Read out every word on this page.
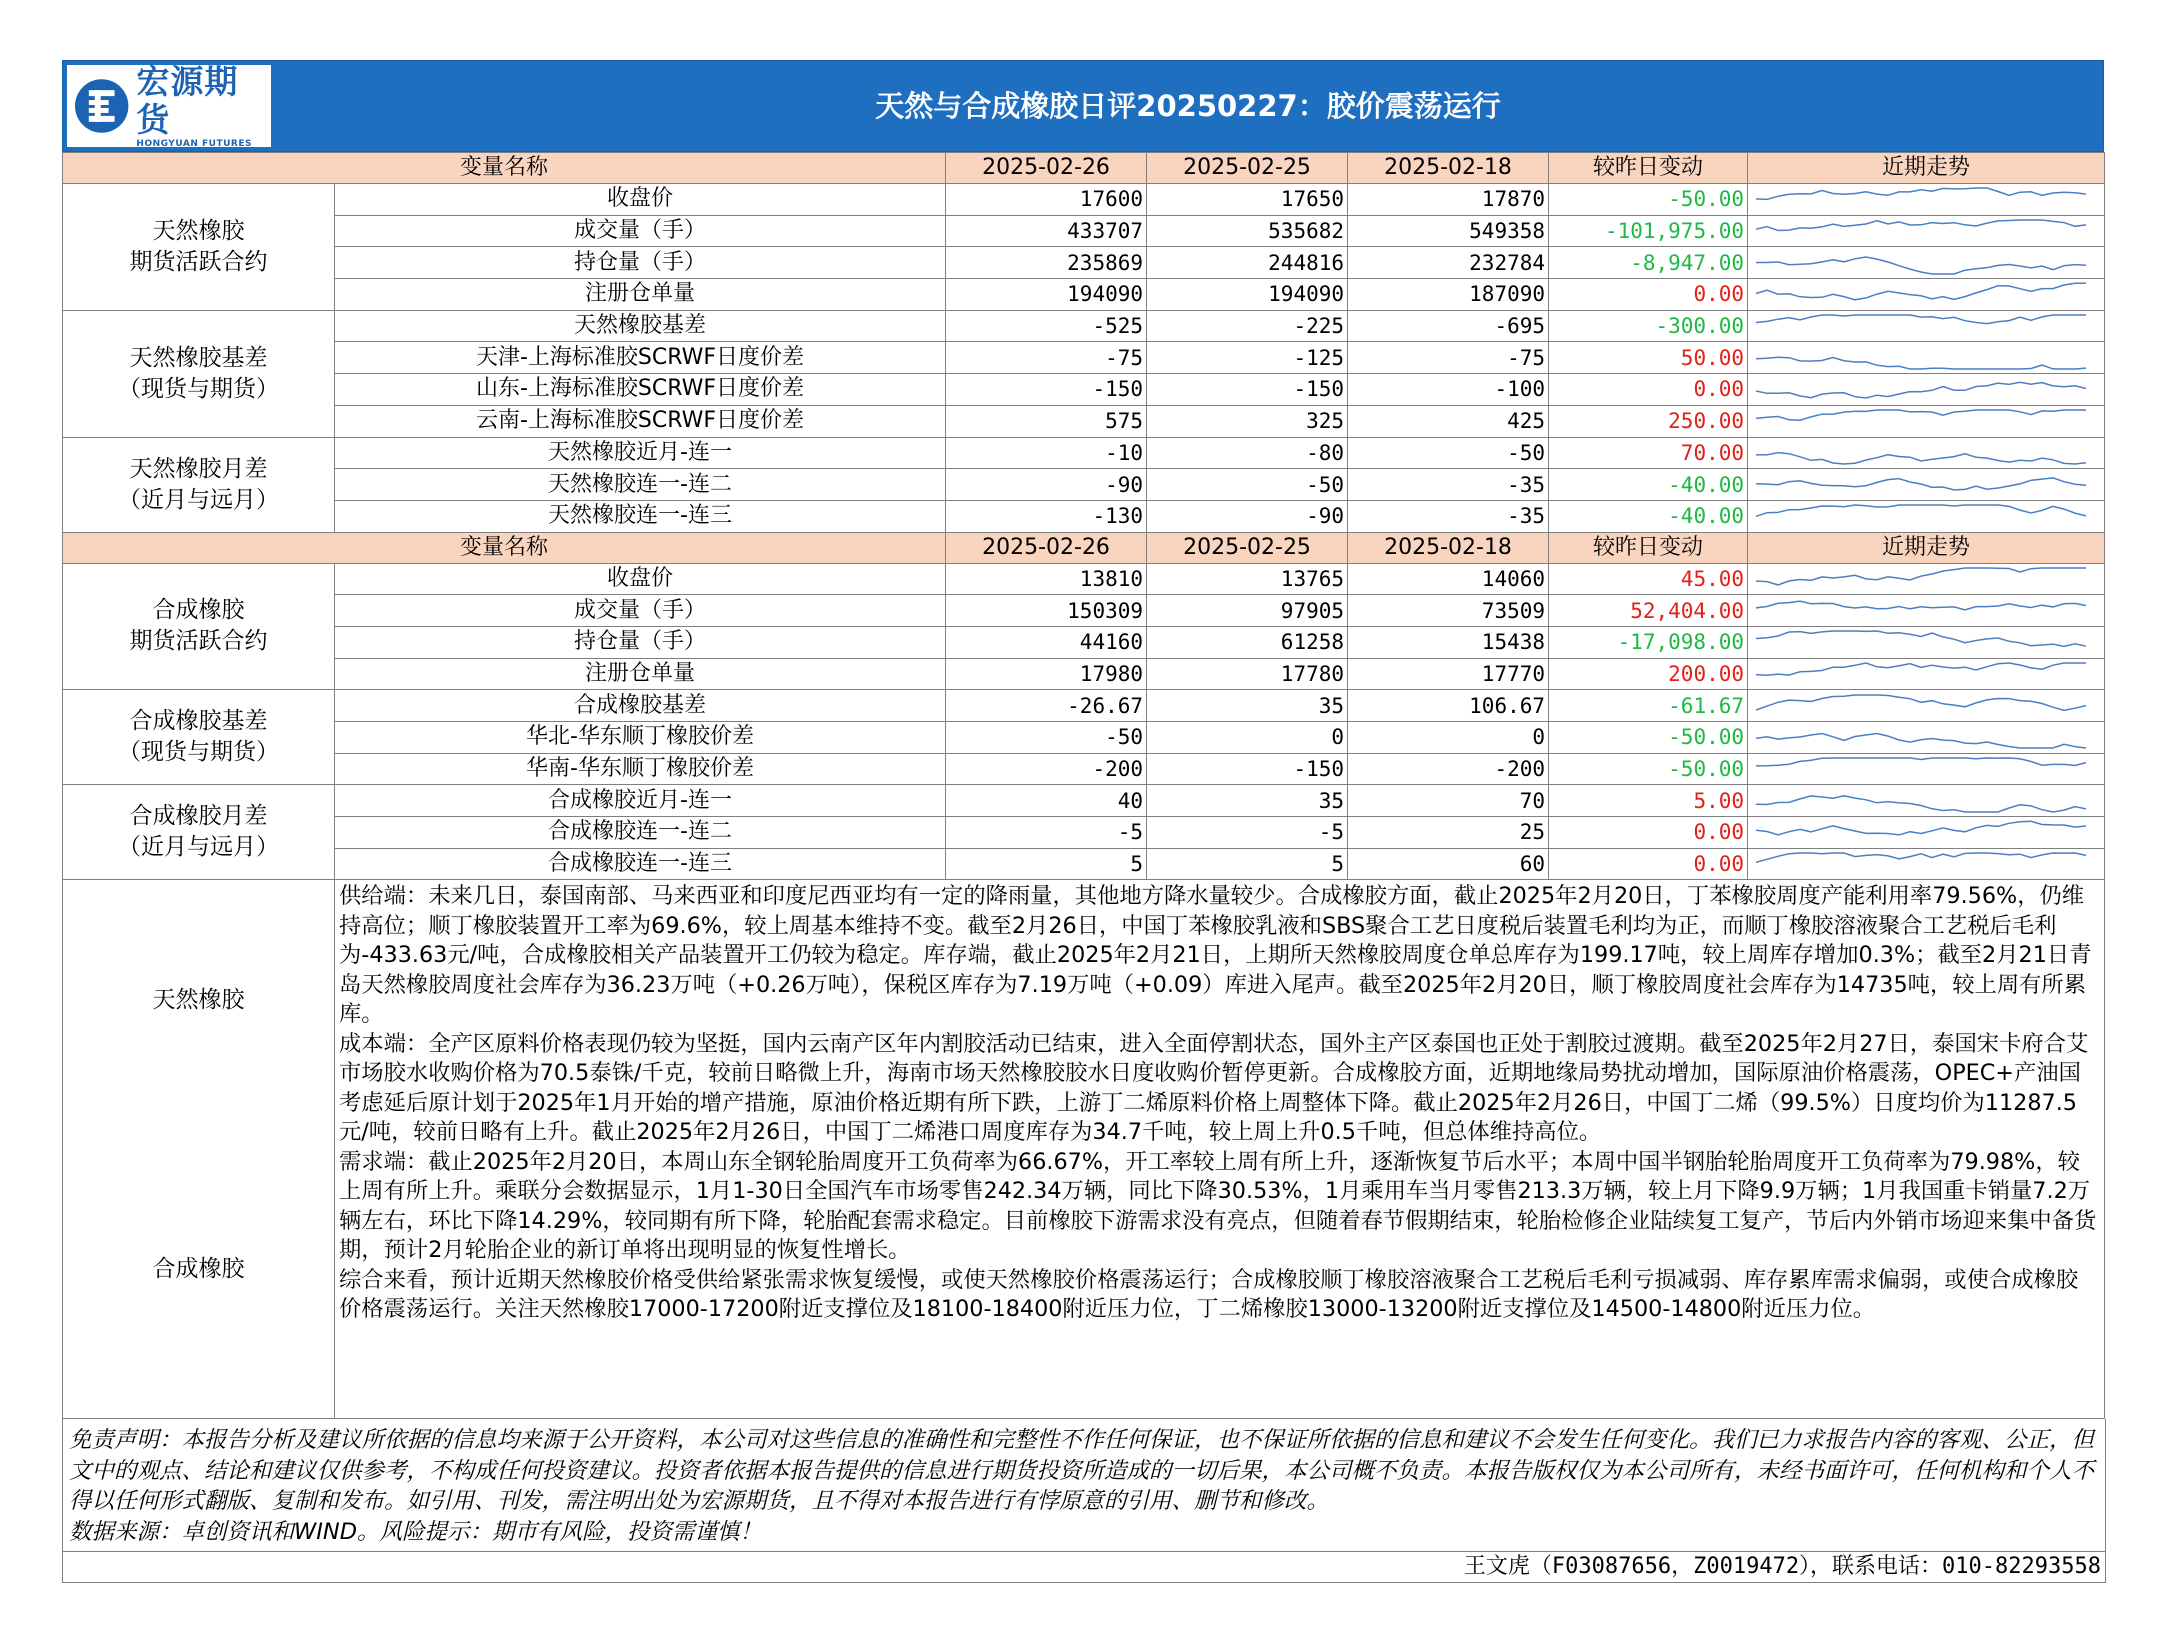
宏源期货
HONGYUAN FUTURES
天然与合成橡胶日评20250227：胶价震荡运行
变量名称		2025-02-26	2025-02-25	2025-02-18	较昨日变动	近期走势

天然橡胶
期货活跃合约	收盘价	17600	17650	17870	-50.00	

	成交量（手）	433707	535682	549358	-101,975.00	

	持仓量（手）	235869	244816	232784	-8,947.00	

	注册仓单量	194090	194090	187090	0.00	

天然橡胶基差
（现货与期货）	天然橡胶基差	-525	-225	-695	-300.00	

	天津-上海标准胶SCRWF日度价差	-75	-125	-75	50.00	

	山东-上海标准胶SCRWF日度价差	-150	-150	-100	0.00	

	云南-上海标准胶SCRWF日度价差	575	325	425	250.00	

天然橡胶月差
（近月与远月）	天然橡胶近月-连一	-10	-80	-50	70.00	

	天然橡胶连一-连二	-90	-50	-35	-40.00	

	天然橡胶连一-连三	-130	-90	-35	-40.00	

变量名称		2025-02-26	2025-02-25	2025-02-18	较昨日变动	近期走势

合成橡胶
期货活跃合约	收盘价	13810	13765	14060	45.00	

	成交量（手）	150309	97905	73509	52,404.00	

	持仓量（手）	44160	61258	15438	-17,098.00	

	注册仓单量	17980	17780	17770	200.00	

合成橡胶基差
（现货与期货）	合成橡胶基差	-26.67	35	106.67	-61.67	

	华北-华东顺丁橡胶价差	-50	0	0	-50.00	

	华南-华东顺丁橡胶价差	-200	-150	-200	-50.00	

合成橡胶月差
（近月与远月）	合成橡胶近月-连一	40	35	70	5.00	

	合成橡胶连一-连二	-5	-5	25	0.00	

	合成橡胶连一-连三	5	5	60	0.00	

天然橡胶	供给端：未来几日，泰国南部、马来西亚和印度尼西亚均有一定的降雨量，其他地方降水量较少。合成橡胶方面，截止2025年2月20日，丁苯橡胶周度产能利用率79.56%，仍维持高位；顺丁橡胶装置开工率为69.6%，较上周基本维持不变。截至2月26日，中国丁苯橡胶乳液和SBS聚合工艺日度税后装置毛利均为正，而顺丁橡胶溶液聚合工艺税后毛利为-433.63元/吨，合成橡胶相关产品装置开工仍较为稳定。库存端，截止2025年2月21日，上期所天然橡胶周度仓单总库存为199.17吨，较上周库存增加0.3%；截至2月21日青岛天然橡胶周度社会库存为36.23万吨（+0.26万吨），保税区库存为7.19万吨（+0.09）库进入尾声。截至2025年2月20日，顺丁橡胶周度社会库存为14735吨，较上周有所累库。

成本端：全产区原料价格表现仍较为坚挺，国内云南产区年内割胶活动已结束，进入全面停割状态，国外主产区泰国也正处于割胶过渡期。截至2025年2月27日，泰国宋卡府合艾市场胶水收购价格为70.5泰铢/千克，较前日略微上升，海南市场天然橡胶胶水日度收购价暂停更新。合成橡胶方面，近期地缘局势扰动增加，国际原油价格震荡，OPEC+产油国考虑延后原计划于2025年1月开始的增产措施，原油价格近期有所下跌，上游丁二烯原料价格上周整体下降。截止2025年2月26日，中国丁二烯（99.5%）日度均价为11287.5元/吨，较前日略有上升。截止2025年2月26日，中国丁二烯港口周度库存为34.7千吨，较上周上升0.5千吨，但总体维持高位。

需求端：截止2025年2月20日，本周山东全钢轮胎周度开工负荷率为66.67%，开工率较上周有所上升，逐渐恢复节后水平；本周中国半钢胎轮胎周度开工负荷率为79.98%，较上周有所上升。乘联分会数据显示，1月1-30日全国汽车市场零售242.34万辆，同比下降30.53%，1月乘用车当月零售213.3万辆，较上月下降9.9万辆；1月我国重卡销量7.2万辆左右，环比下降14.29%，较同期有所下降，轮胎配套需求稳定。目前橡胶下游需求没有亮点，但随着春节假期结束，轮胎检修企业陆续复工复产，节后内外销市场迎来集中备货期，预计2月轮胎企业的新订单将出现明显的恢复性增长。

综合来看，预计近期天然橡胶价格受供给紧张需求恢复缓慢，或使天然橡胶价格震荡运行；合成橡胶顺丁橡胶溶液聚合工艺税后毛利亏损减弱、库存累库需求偏弱，或使合成橡胶价格震荡运行。关注天然橡胶17000-17200附近支撑位及18100-18400附近压力位，丁二烯橡胶13000-13200附近支撑位及14500-14800附近压力位。					

合成橡胶						

免责声明：本报告分析及建议所依据的信息均来源于公开资料，本公司对这些信息的准确性和完整性不作任何保证，也不保证所依据的信息和建议不会发生任何变化。我们已力求报告内容的客观、公正，但文中的观点、结论和建议仅供参考，不构成任何投资建议。投资者依据本报告提供的信息进行期货投资所造成的一切后果，本公司概不负责。本报告版权仅为本公司所有，未经书面许可，任何机构和个人不得以任何形式翻版、复制和发布。如引用、刊发，需注明出处为宏源期货，且不得对本报告进行有悖原意的引用、删节和修改。

数据来源：卓创资讯和WIND。风险提示：期市有风险，投资需谨慎！

王文虎（F03087656，Z0019472），联系电话：010-82293558
